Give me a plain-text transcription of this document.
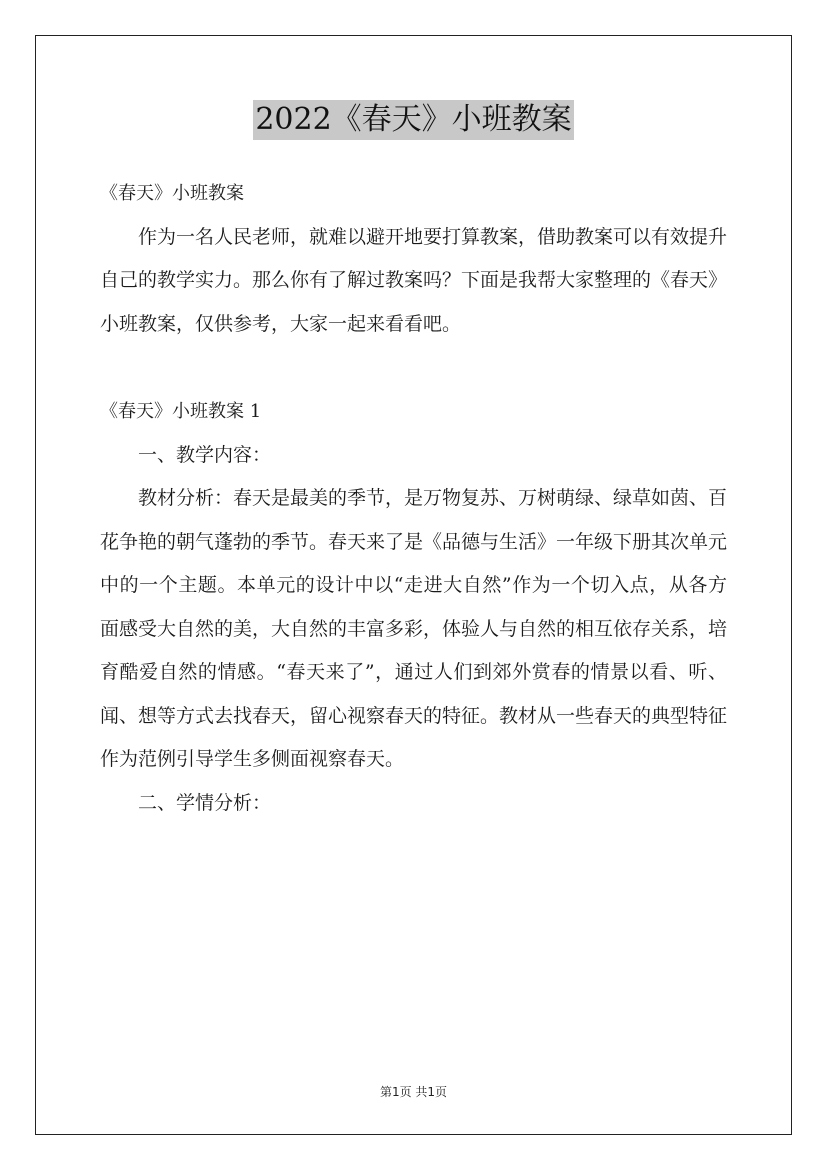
2022《春天》小班教案

《春天》小班教案

作为一名人民老师，就难以避开地要打算教案，借助教案可以有效提升自己的教学实力。那么你有了解过教案吗？下面是我帮大家整理的《春天》小班教案，仅供参考，大家一起来看看吧。

《春天》小班教案 1

一、教学内容：

教材分析：春天是最美的季节，是万物复苏、万树萌绿、绿草如茵、百花争艳的朝气蓬勃的季节。春天来了是《品德与生活》一年级下册其次单元中的一个主题。本单元的设计中以“走进大自然”作为一个切入点，从各方面感受大自然的美，大自然的丰富多彩，体验人与自然的相互依存关系，培育酷爱自然的情感。“春天来了”，通过人们到郊外赏春的情景以看、听、闻、想等方式去找春天，留心视察春天的特征。教材从一些春天的典型特征作为范例引导学生多侧面视察春天。

二、学情分析：

第1页 共1页
